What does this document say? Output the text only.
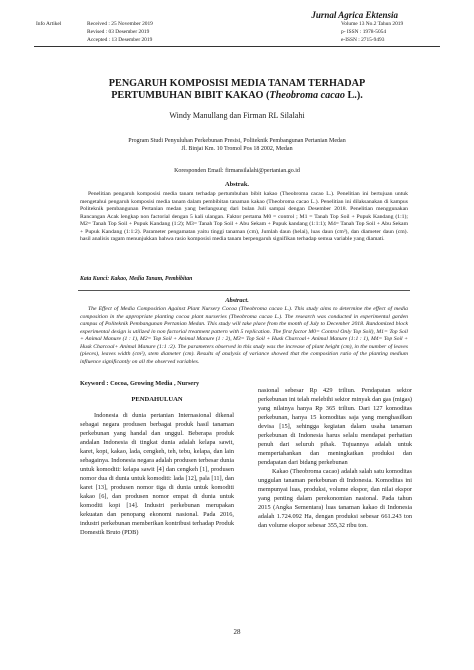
Jurnal Agrica Ektensia
Info Artikel	Received : 25 November 2019
Revised : 03 Desember 2019
Accepted : 13 Desember 2019
Volume 13 No.2 Tahun 2019
p- ISSN : 1978-5054
e-ISSN : 2715-9493
PENGARUH KOMPOSISI MEDIA TANAM TERHADAP
PERTUMBUHAN BIBIT KAKAO (Theobroma cacao L.).
Windy Manullang dan Firman RL Silalahi
Program Studi Penyuluhan Perkebunan Presisi, Politeknik Pembangunan Pertanian Medan
Jl. Binjai Km. 10 Tromol Pos 18 2002, Medan
Koresponden Email: firmansilalahi@pertanian.go.id
Abstrak.
Penelitian pengaruh komposisi media tanam terhadap pertumbuhan bibit kakao (Theobroma cacao L.). Penelitian ini bertujuan untuk mengetahui pengaruh komposisi media tanam dalam pembibitan tanaman kakao (Theobroma cacao L.). Penelitian ini dilaksanakan di kampus Politeknik pembangunan Pertanian medan yang berlangsung dari bulan Juli sampai dengan Desember 2018. Penelitian menggunakan Rancangan Acak lengkap non factorial dengan 5 kali ulangan. Faktor pertama M0 = control ; M1 = Tanah Top Soil + Pupuk Kandang (1:1); M2= Tanah Top Soil + Pupuk Kandang (1:2); M3= Tanah Top Soil + Abu Sekam + Pupuk kandang (1:1:1); M4= Tanah Top Soil + Abu Sekam + Pupuk Kandang (1:1:2). Parameter pengamatan yaitu tinggi tanaman (cm), Jumlah daun (helai), luas daun (cm²), dan diameter daun (cm). hasil analisis ragam menunjukkan bahwa rasio komposisi media tanam berpengaruh signifikan terhadap semua variable yang diamati.
Kata Kunci: Kakao, Media Tanam, Pembibitan
Abstract.
The Effect of Media Composition Against Plant Nursery Cocoa (Theobroma cacao L.). This study aims to determine the effect of media composition in the appropriate planting cocoa plant nurseries (Theobroma cacao L.). The research was conducted in experimental garden campus of Politeknik Pembangunan Pertanian Medan. This study will take place from the month of July to December 2018. Randomized block experimental design is utilized in non factorial treatment pattern with 5 replication. The first factor M0= Control Only Top Soil), M1= Top Soil + Animal Manure (1 : 1), M2= Top Soil + Animal Manure (1 : 2), M3= Top Soil + Husk Charcoal+ Animal Manure (1:1 : 1), M4= Top Soil + Husk Charcoal+ Animal Manure (1:1 :2). The parameters observed in this study was the increase of plant height (cm), in the number of leaves (pieces), leaves width (cm²), stem diameter (cm). Results of analysis of variance showed that the composition ratio of the planting medium influence significantly on all the observed variables.
Keyword : Cocoa, Growing Media , Nursery
PENDAHULUAN

Indonesia di dunia pertanian Internasional dikenal sebagai negara produsen berbagai produk hasil tanaman perkebunan yang handal dan unggul. Beberapa produk andalan Indonesia di tingkat dunia adalah kelapa sawit, karet, kopi, kakao, lada, cengkeh, teh, tebu, kelapa, dan lain sebagainya. Indonesia negara adalah produsen terbesar dunia untuk komoditi: kelapa sawit [4] dan cengkeh [1], produsen nomor dua di dunia untuk komoditi: lada [12], pala [11], dan karet [13], produsen nomor tiga di dunia untuk komoditi kakao [6], dan produsen nomor empat di dunia untuk komoditi kopi [14]. Industri perkebunan merupakan kekuatan dan penopang ekonomi nasional. Pada 2016, industri perkebunan memberikan kontribusi terhadap Produk Domestik Bruto (PDB)

nasional sebesar Rp 429 triliun. Pendapatan sektor perkebunan ini telah melebihi sektor minyak dan gas (migas) yang nilainya hanya Rp 365 triliun. Dari 127 komoditas perkebunan, hanya 15 komoditas saja yang menghasilkan devisa [15], sehingga kegiatan dalam usaha tanaman perkebunan di Indonesia harus selalu mendapat perhatian penuh dari seluruh pihak. Tujuannya adalah untuk mempertahankan dan meningkatkan produksi dan pendapatan dari bidang perkebunan

Kakao (Theobroma cacao) adalah salah satu komoditas unggulan tanaman perkebunan di Indonesia. Komoditas ini mempunyai luas, produksi, volume ekspor, dan nilai ekspor yang penting dalam perekonomian nasional. Pada tahun 2015 (Angka Sementara) luas tanaman kakao di Indonesia adalah 1.724.092 Ha, dengan produksi sebesar 661.243 ton dan volume ekspor sebesar 355,32 ribu ton.

28
